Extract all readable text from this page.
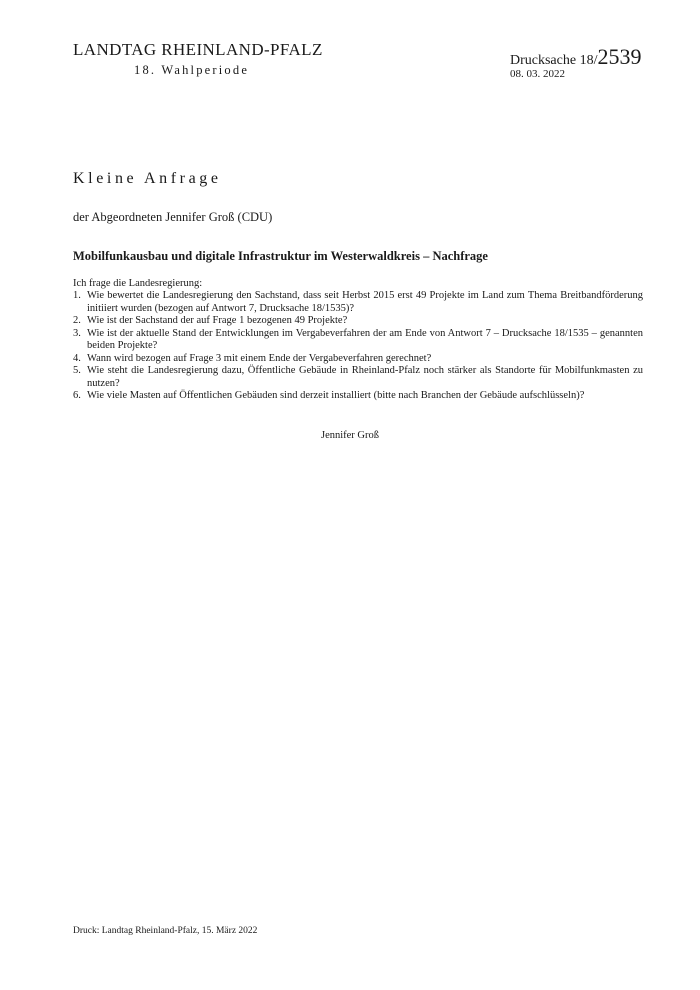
LANDTAG RHEINLAND-PFALZ
18. Wahlperiode
Drucksache 18/2539
08. 03. 2022
Kleine Anfrage
der Abgeordneten Jennifer Groß (CDU)
Mobilfunkausbau und digitale Infrastruktur im Westerwaldkreis – Nachfrage
Ich frage die Landesregierung:
1. Wie bewertet die Landesregierung den Sachstand, dass seit Herbst 2015 erst 49 Projekte im Land zum Thema Breitbandförderung initiiert wurden (bezogen auf Antwort 7, Drucksache 18/1535)?
2. Wie ist der Sachstand der auf Frage 1 bezogenen 49 Projekte?
3. Wie ist der aktuelle Stand der Entwicklungen im Vergabeverfahren der am Ende von Antwort 7 – Drucksache 18/1535 – genannten beiden Projekte?
4. Wann wird bezogen auf Frage 3 mit einem Ende der Vergabeverfahren gerechnet?
5. Wie steht die Landesregierung dazu, Öffentliche Gebäude in Rheinland-Pfalz noch stärker als Standorte für Mobilfunkmasten zu nutzen?
6. Wie viele Masten auf Öffentlichen Gebäuden sind derzeit installiert (bitte nach Branchen der Gebäude aufschlüsseln)?
Jennifer Groß
Druck: Landtag Rheinland-Pfalz, 15. März 2022
